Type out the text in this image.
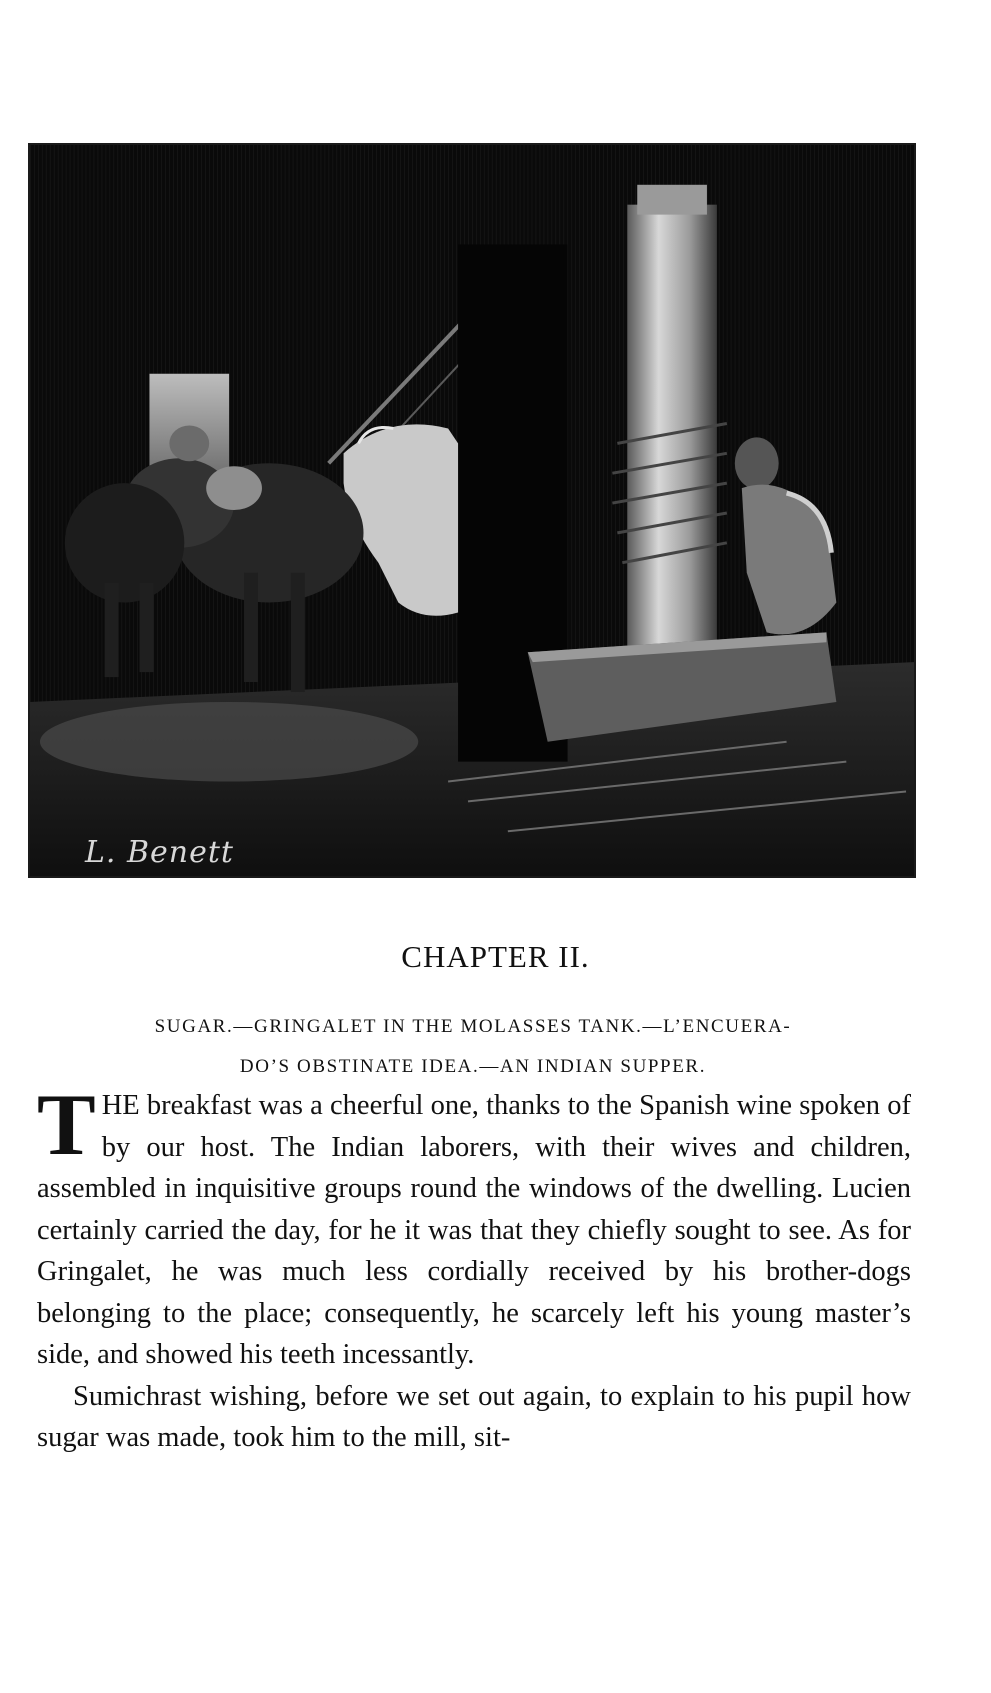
L. Benett
CHAPTER II.
SUGAR.—GRINGALET IN THE MOLASSES TANK.—L’ENCUERA-
DO’S OBSTINATE IDEA.—AN INDIAN SUPPER.

THE breakfast was a cheerful one, thanks to the Spanish wine spoken of by our host. The Indian laborers, with their wives and children, assembled in inquisitive groups round the windows of the dwelling. Lucien certainly carried the day, for he it was that they chiefly sought to see. As for Gringalet, he was much less cordially received by his brother-dogs belonging to the place; consequently, he scarcely left his young master’s side, and showed his teeth incessantly.

Sumichrast wishing, before we set out again, to explain to his pupil how sugar was made, took him to the mill, sit-
